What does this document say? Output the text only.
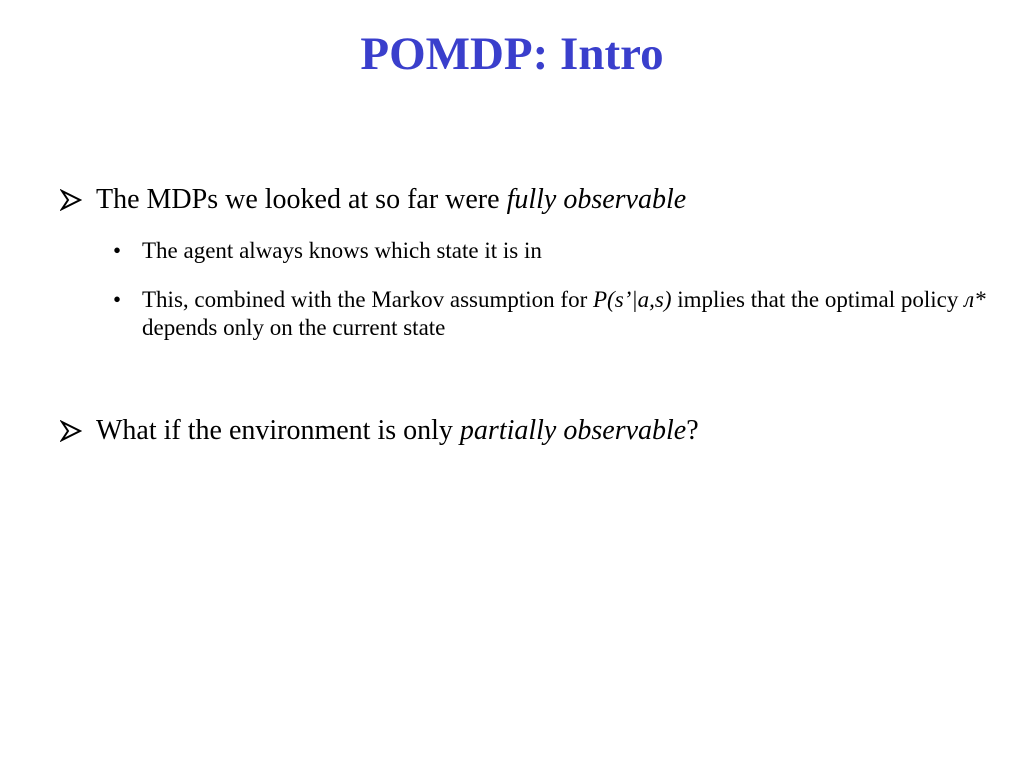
POMDP: Intro
The MDPs we looked at so far were fully observable
• The agent always knows which state it is in
• This, combined with the Markov assumption for P(s’|a,s) implies that the optimal policy л* depends only on the current state
What if the environment is only partially observable?
